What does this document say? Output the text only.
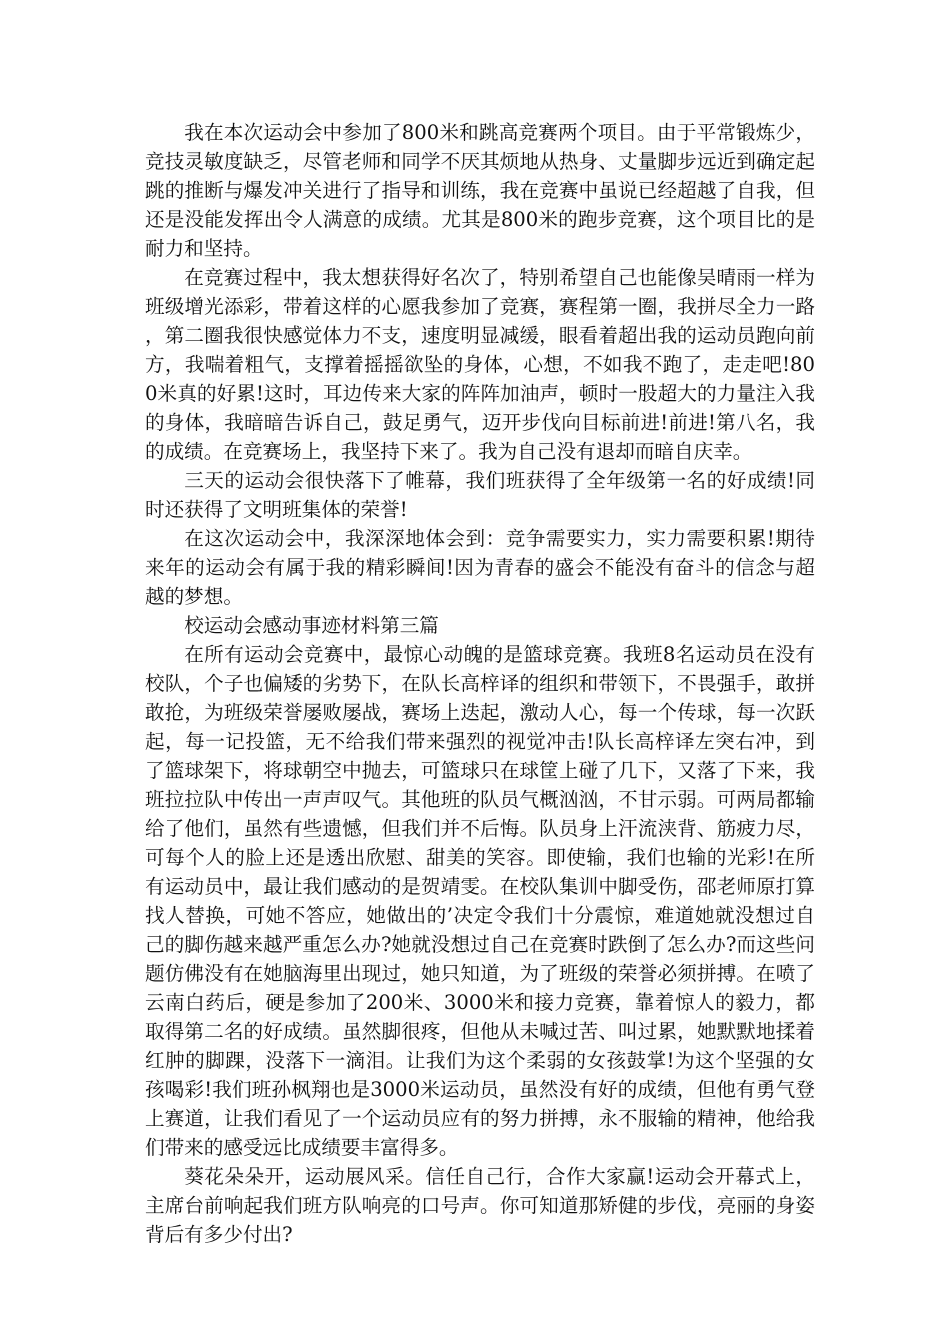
我在本次运动会中参加了800米和跳高竞赛两个项目。由于平常锻炼少，竞技灵敏度缺乏，尽管老师和同学不厌其烦地从热身、丈量脚步远近到确定起跳的推断与爆发冲关进行了指导和训练，我在竞赛中虽说已经超越了自我，但还是没能发挥出令人满意的成绩。尤其是800米的跑步竞赛，这个项目比的是耐力和坚持。

在竞赛过程中，我太想获得好名次了，特别希望自己也能像吴晴雨一样为班级增光添彩，带着这样的心愿我参加了竞赛，赛程第一圈，我拼尽全力一路，第二圈我很快感觉体力不支，速度明显减缓，眼看着超出我的运动员跑向前方，我喘着粗气，支撑着摇摇欲坠的身体，心想，不如我不跑了，走走吧!800米真的好累!这时，耳边传来大家的阵阵加油声，顿时一股超大的力量注入我的身体，我暗暗告诉自己，鼓足勇气，迈开步伐向目标前进!前进!第八名，我的成绩。在竞赛场上，我坚持下来了。我为自己没有退却而暗自庆幸。

三天的运动会很快落下了帷幕，我们班获得了全年级第一名的好成绩!同时还获得了文明班集体的荣誉!

在这次运动会中，我深深地体会到：竞争需要实力，实力需要积累!期待来年的运动会有属于我的精彩瞬间!因为青春的盛会不能没有奋斗的信念与超越的梦想。

校运动会感动事迹材料第三篇

在所有运动会竞赛中，最惊心动魄的是篮球竞赛。我班8名运动员在没有校队，个子也偏矮的劣势下，在队长高梓译的组织和带领下，不畏强手，敢拼敢抢，为班级荣誉屡败屡战，赛场上迭起，激动人心，每一个传球，每一次跃起，每一记投篮，无不给我们带来强烈的视觉冲击!队长高梓译左突右冲，到了篮球架下，将球朝空中抛去，可篮球只在球筐上碰了几下，又落了下来，我班拉拉队中传出一声声叹气。其他班的队员气概汹汹，不甘示弱。可两局都输给了他们，虽然有些遗憾，但我们并不后悔。队员身上汗流浃背、筋疲力尽，可每个人的脸上还是透出欣慰、甜美的笑容。即使输，我们也输的光彩!在所有运动员中，最让我们感动的是贺靖雯。在校队集训中脚受伤，邵老师原打算找人替换，可她不答应，她做出的’决定令我们十分震惊，难道她就没想过自己的脚伤越来越严重怎么办?她就没想过自己在竞赛时跌倒了怎么办?而这些问题仿佛没有在她脑海里出现过，她只知道，为了班级的荣誉必须拼搏。在喷了云南白药后，硬是参加了200米、3000米和接力竞赛，靠着惊人的毅力，都取得第二名的好成绩。虽然脚很疼，但他从未喊过苦、叫过累，她默默地揉着红肿的脚踝，没落下一滴泪。让我们为这个柔弱的女孩鼓掌!为这个坚强的女孩喝彩!我们班孙枫翔也是3000米运动员，虽然没有好的成绩，但他有勇气登上赛道，让我们看见了一个运动员应有的努力拼搏，永不服输的精神，他给我们带来的感受远比成绩要丰富得多。

葵花朵朵开，运动展风采。信任自己行，合作大家赢!运动会开幕式上，主席台前响起我们班方队响亮的口号声。你可知道那矫健的步伐，亮丽的身姿背后有多少付出?
